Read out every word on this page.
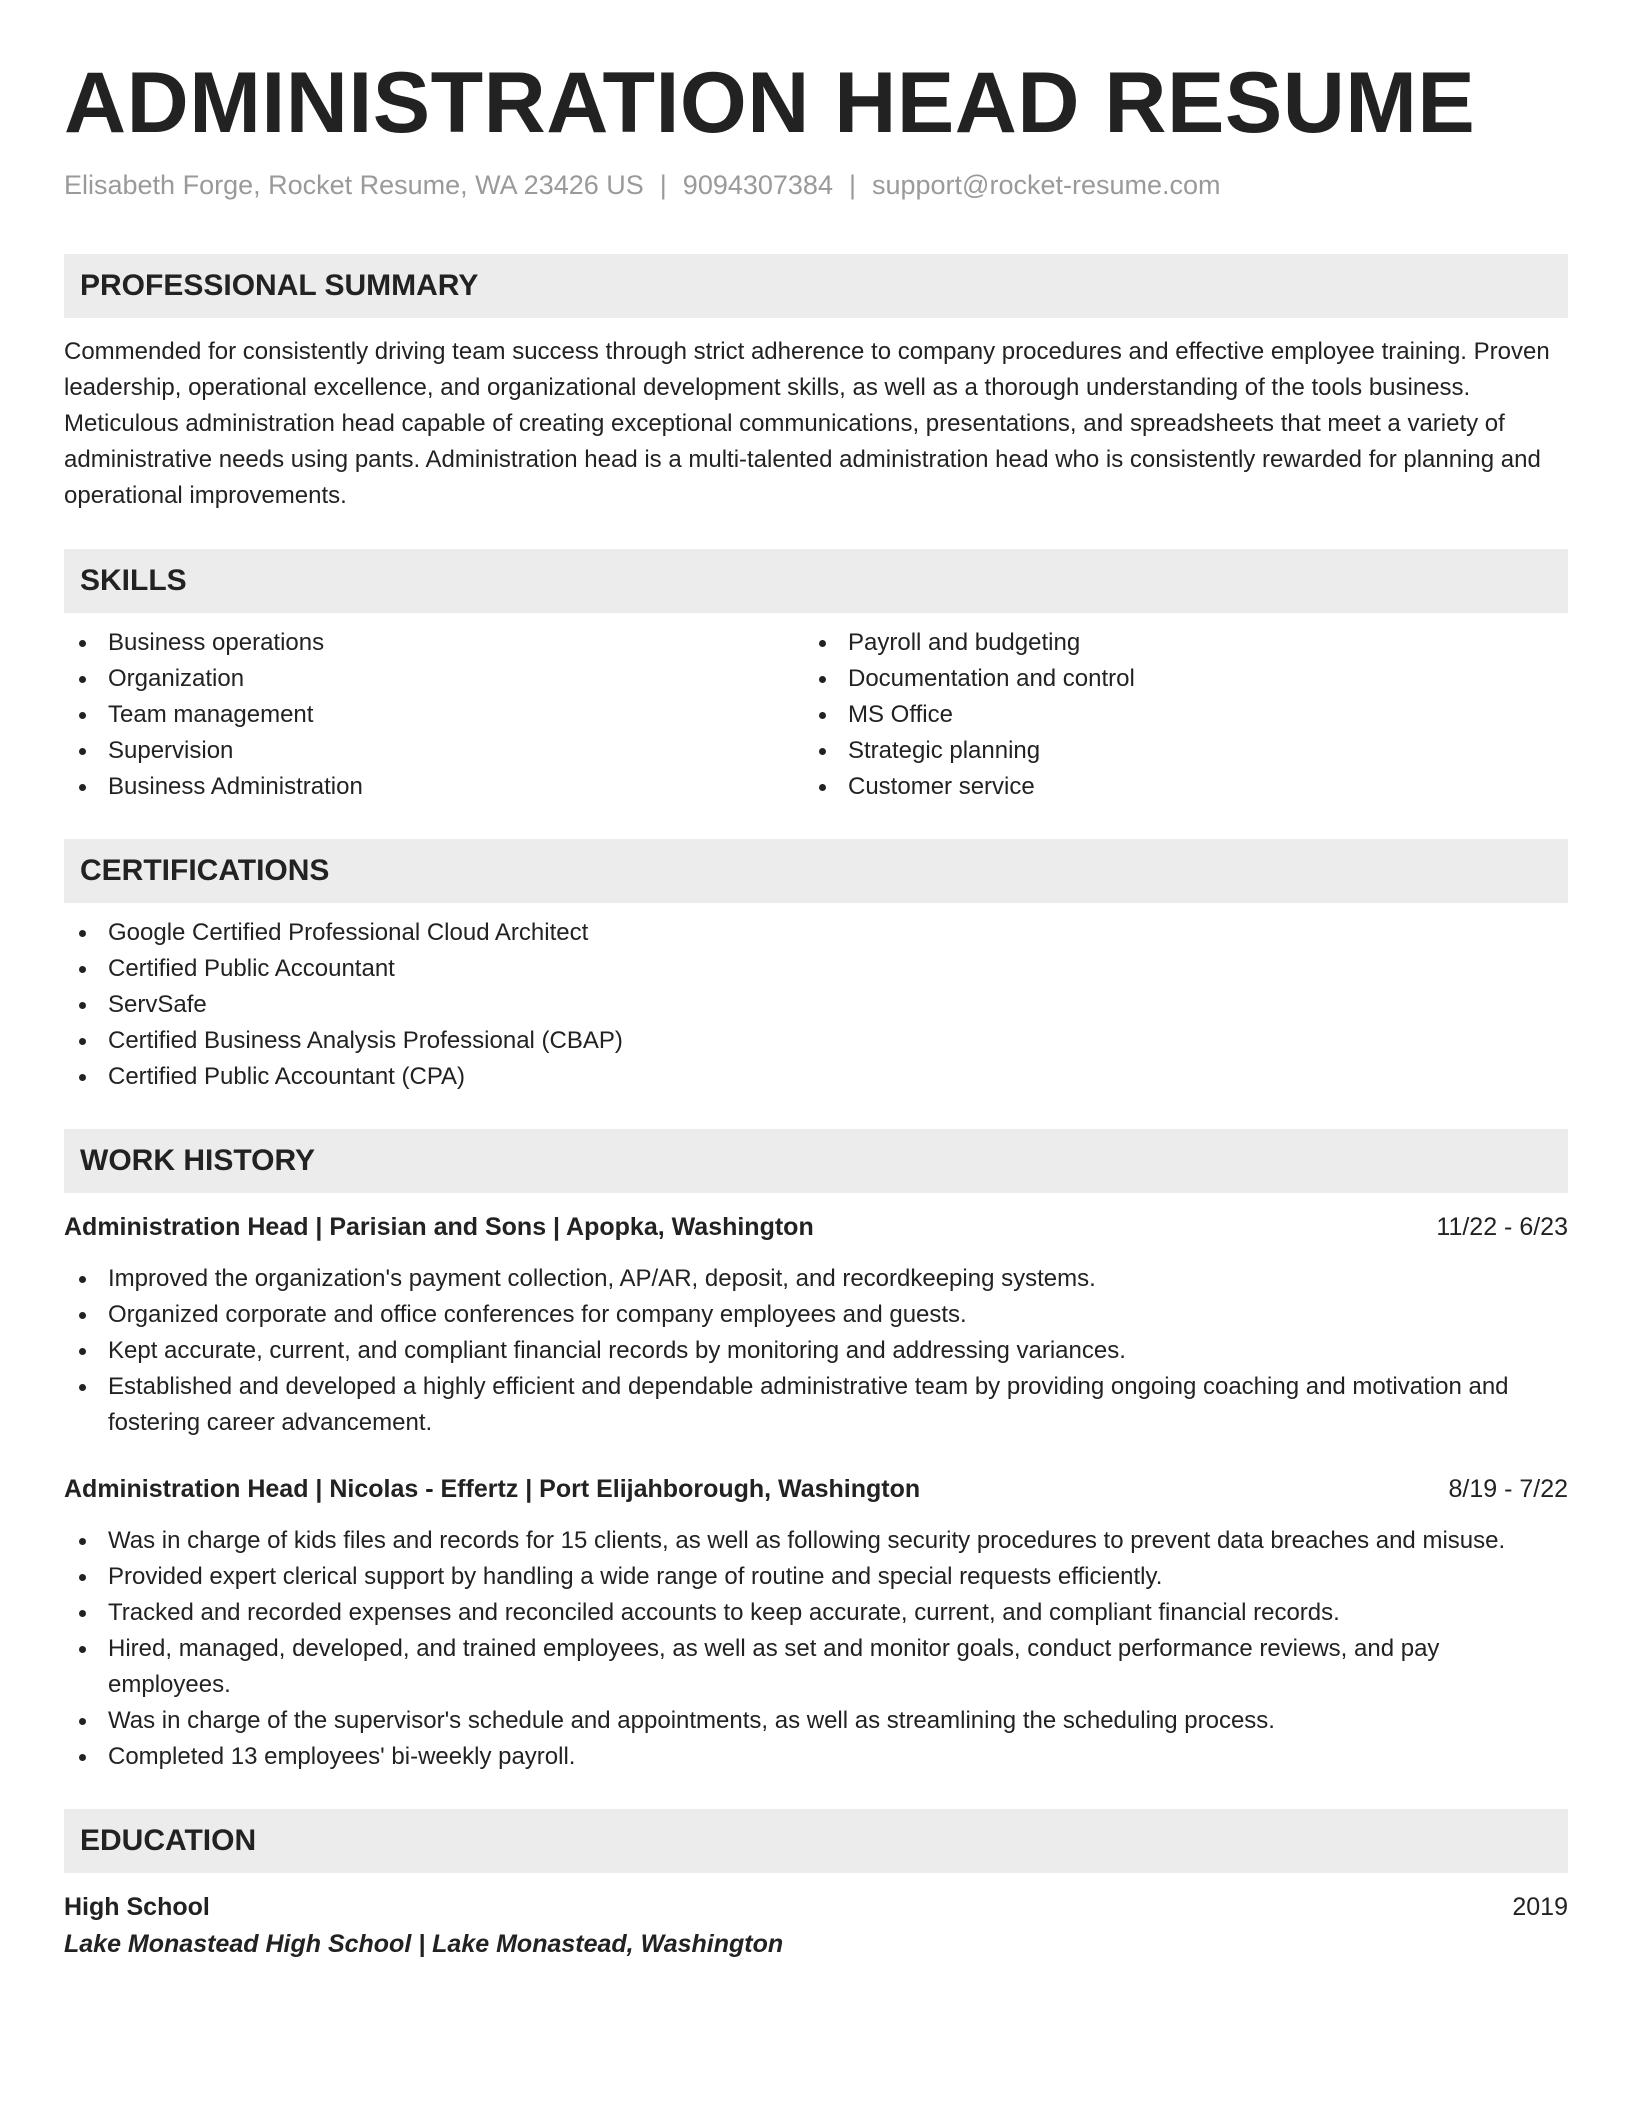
ADMINISTRATION HEAD RESUME
Elisabeth Forge, Rocket Resume, WA 23426 US | 9094307384 | support@rocket-resume.com
PROFESSIONAL SUMMARY

Commended for consistently driving team success through strict adherence to company procedures and effective employee training. Proven leadership, operational excellence, and organizational development skills, as well as a thorough understanding of the tools business. Meticulous administration head capable of creating exceptional communications, presentations, and spreadsheets that meet a variety of administrative needs using pants. Administration head is a multi-talented administration head who is consistently rewarded for planning and operational improvements.

SKILLS
Business operations
Organization
Team management
Supervision
Business Administration
Payroll and budgeting
Documentation and control
MS Office
Strategic planning
Customer service
CERTIFICATIONS
Google Certified Professional Cloud Architect
Certified Public Accountant
ServSafe
Certified Business Analysis Professional (CBAP)
Certified Public Accountant (CPA)
WORK HISTORY
Administration Head | Parisian and Sons | Apopka, Washington	11/22 - 6/23
Improved the organization's payment collection, AP/AR, deposit, and recordkeeping systems.
Organized corporate and office conferences for company employees and guests.
Kept accurate, current, and compliant financial records by monitoring and addressing variances.
Established and developed a highly efficient and dependable administrative team by providing ongoing coaching and motivation and fostering career advancement.
Administration Head | Nicolas - Effertz | Port Elijahborough, Washington	8/19 - 7/22
Was in charge of kids files and records for 15 clients, as well as following security procedures to prevent data breaches and misuse.
Provided expert clerical support by handling a wide range of routine and special requests efficiently.
Tracked and recorded expenses and reconciled accounts to keep accurate, current, and compliant financial records.
Hired, managed, developed, and trained employees, as well as set and monitor goals, conduct performance reviews, and pay employees.
Was in charge of the supervisor's schedule and appointments, as well as streamlining the scheduling process.
Completed 13 employees' bi-weekly payroll.
EDUCATION
High School	2019
Lake Monastead High School | Lake Monastead, Washington
